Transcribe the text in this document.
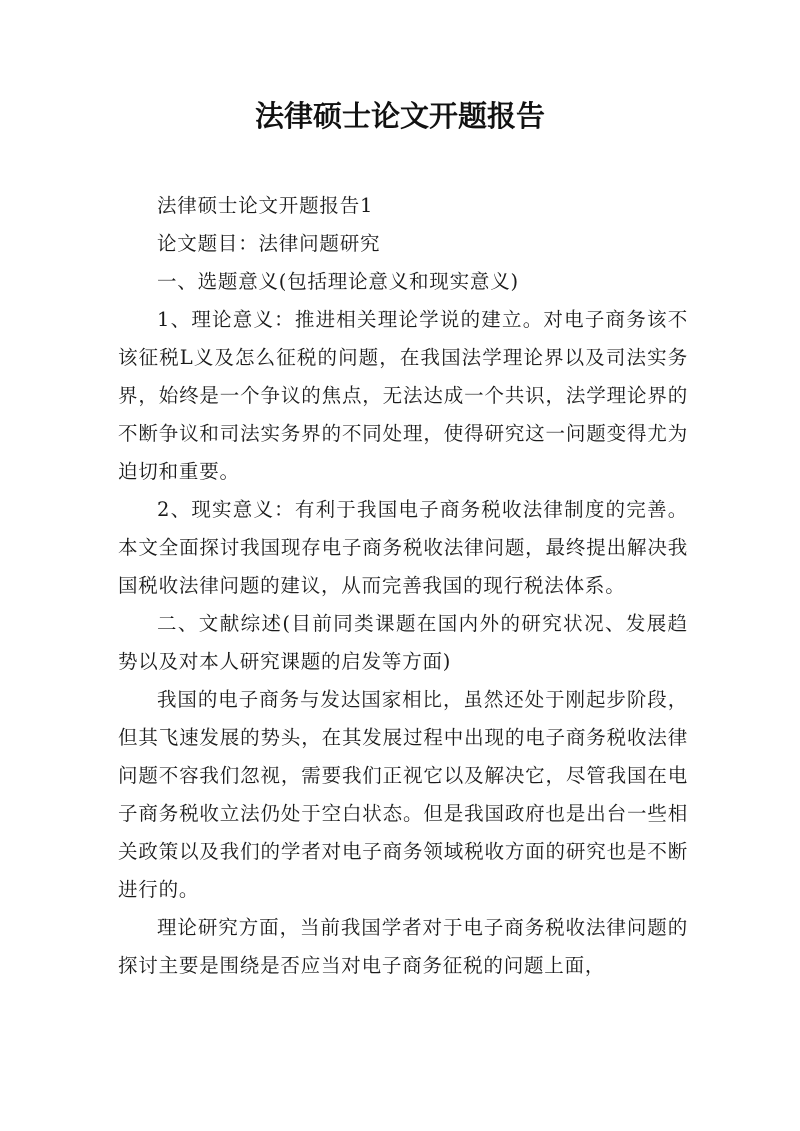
法律硕士论文开题报告

法律硕士论文开题报告1

论文题目：法律问题研究

一、选题意义(包括理论意义和现实意义)

1、理论意义：推进相关理论学说的建立。对电子商务该不该征税L义及怎么征税的问题，在我国法学理论界以及司法实务界，始终是一个争议的焦点，无法达成一个共识，法学理论界的不断争议和司法实务界的不同处理，使得研究这一问题变得尤为迫切和重要。

2、现实意义：有利于我国电子商务税收法律制度的完善。本文全面探讨我国现存电子商务税收法律问题，最终提出解决我国税收法律问题的建议，从而完善我国的现行税法体系。

二、文献综述(目前同类课题在国内外的研究状况、发展趋势以及对本人研究课题的启发等方面)

我国的电子商务与发达国家相比，虽然还处于刚起步阶段，但其飞速发展的势头，在其发展过程中出现的电子商务税收法律问题不容我们忽视，需要我们正视它以及解决它，尽管我国在电子商务税收立法仍处于空白状态。但是我国政府也是出台一些相关政策以及我们的学者对电子商务领域税收方面的研究也是不断进行的。

理论研究方面，当前我国学者对于电子商务税收法律问题的探讨主要是围绕是否应当对电子商务征税的问题上面，
